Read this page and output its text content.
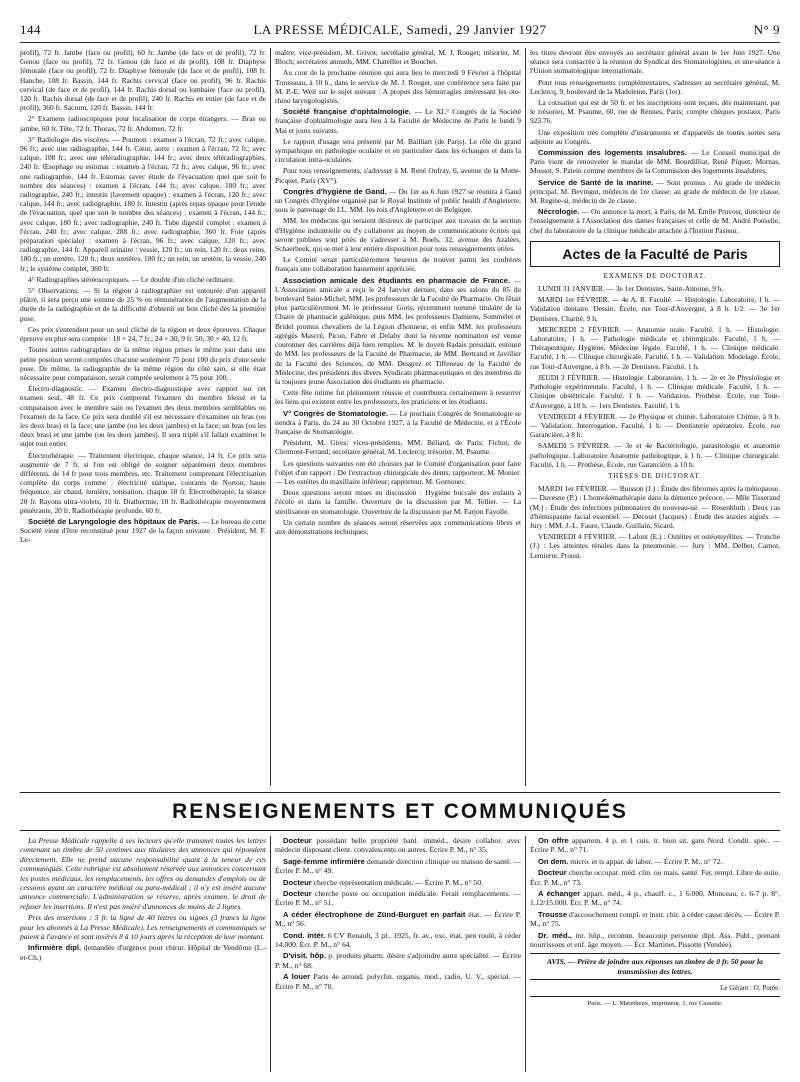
144	LA PRESSE MÉDICALE, Samedi, 29 Janvier 1927	N° 9

profil), 72 fr. Jambe (face ou profil), 60 fr. Jambe (de face et de profil), 72 fr. Genou (face ou profil), 72 fr. Genou (de face et de profil), 108 fr. Diaphyse fémorale (face ou profil), 72 fr. Diaphyse fémorale (de face et de profil), 108 fr. Hanche, 108 fr. Bassin, 144 fr. Rachis cervical (face ou profil), 96 fr. Rachis cervical (de face et de profil), 144 fr. Rachis dorsal ou lombaire (face ou profil), 120 fr. Rachis dorsal (de face et de profil), 240 fr. Rachis en entier (de face et de profil), 360 fr. Sacrum, 120 fr. Bassin, 144 fr.

2° Examens radioscopiques pour localisation de corps étrangers. — Bras ou jambe, 60 fr. Tête, 72 fr. Thorax, 72 fr. Abdomen, 72 fr.

3° Radiologie des viscères. — Poumon : examen à l'écran, 72 fr.; avec calque, 96 fr.; avec une radiographie, 144 fr. Cœur, aorte : examen à l'écran, 72 fr.; avec calque, 108 fr.; avec une téléradiographie, 144 fr.; avec deux téléradiographies, 240 fr. Œsophage ou estomac : examen à l'écran, 72 fr.; avec calque, 96 fr.; avec une radiographie, 144 fr. Estomac (avec étude de l'évacuation quel que soit le nombre des séances) : examen à l'écran, 144 fr.; avec calque, 180 fr.; avec radiographie, 240 fr.; intestin (lavement opaque) : examen à l'écran, 120 fr.; avec calque, 144 fr.; avec radiographie, 180 fr. Intestin (après repas opaque pour l'étude de l'évacuation, quel que soit le nombre des séances) : examen à l'écran, 144 fr.; avec calque, 180 fr.; avec radiographie, 240 fr. Tube digestif complet : examen à l'écran, 240 fr.; avec calque, 288 fr.; avec radiographie, 360 fr. Foie (après préparation spéciale) : examen à l'écran, 96 fr.; avec calque, 120 fr.; avec radiographie, 144 fr. Appareil urinaire : vessie, 120 fr.; un rein, 120 fr.; deux reins, 180 fr.; un uretère, 120 fr.; deux uretères, 180 fr.; un rein, un uretère, la vessie, 240 fr.; le système complet, 360 fr.

4° Radiographies stéréoscopiques. — Le double d'un cliché ordinaire.

5° Observations. — Si la région à radiographier est entourée d'un appareil plâtré, il sera perçu une somme de 25 % en rémunération de l'augmentation de la durée de la radiographie et de la difficulté d'obtenir un bon cliché dès la première pose.

Ces prix s'entendent pour un seul cliché de la région et deux épreuves. Chaque épreuve en plus sera comptée : 18 × 24, 7 fr.; 24 × 30, 9 fr. 50; 30 × 40, 12 fr.

Toutes autres radiographies de la même région prises le même jour dans une petite position seront comptées chacune seulement 75 pour 100 du prix d'une seule pose. De même, la radiographie de la même région du côté sain, si elle était nécessaire pour comparaison, serait comptée seulement à 75 pour 100.

Électro-diagnostic. — Examen électro-diagnostique avec rapport sur cet examen seul, 48 fr. Ce prix comprend l'examen du membre blessé et la comparaison avec le membre sain ou l'examen des deux membres semblables ou l'examen de la face. Ce prix sera doublé s'il est nécessaire d'examiner un bras (ou les deux bras) et la face; une jambe (ou les deux jambes) et la face; un bras (ou les deux bras) et une jambe (ou les deux jambes). Il sera triplé s'il fallait examiner le sujet tout entier.

Électrothérapie. — Traitement électrique, chaque séance, 14 fr. Ce prix sera augmenté de 7 fr. si l'on est obligé de soigner séparément deux membres différents, de 14 fr pour trois membres, etc. Traitement comprenant l'électrisation complète du corps comme : électricité statique, courants de Norton, haute fréquence, air chaud, lumière, ionisation, chaque 18 fr. Électrothérapie, la séance 20 fr. Rayons ultra-violets, 10 fr. Diathermie, 10 fr. Radiothérapie moyennement pénétrante, 20 fr. Radiothérapie profonde, 60 fr.

Société de Laryngologie des hôpitaux de Paris. — Le bureau de cette Société vient d'être reconstitué pour 1927 de la façon suivante : Président, M. F. Le-

maître; vice-président, M. Grivot; secrétaire général, M. J. Rouget; trésorier, M. Bloch; secrétaires annuels, MM. Chatellier et Bouchet.

Au cour de la prochaine réunion qui aura lieu le mercredi 9 Février à l'hôpital Trousseau, à 10 h., dans le service de M. J. Rouget, une conférence sera faite par M. P.-E. Weil sur le sujet suivant : A propos des hémorragies intéressant les oto-rhino laryngologistes.

Société française d'ophtalmologie. — Le XL° Congrès de la Société française d'ophtalmologie aura lieu à la Faculté de Médecine de Paris le lundi 9 Mai et jours suivants.

Le rapport d'usage sera présenté par M. Bailliart (de Paris). Le rôle du grand sympathique en pathologie oculaire et en particulier dans les échanges et dans la circulation intra-oculaires.

Pour tous renseignements, s'adresser à M. René Onfray, 6, avenue de la Motte-Picquet, Paris (XV°).

Congrès d'hygiène de Gand. — Du 1er au 6 Juin 1927 se réunira à Gand un Congrès d'hygiène organisé par le Royal Institute of public health d'Angleterre, sous le patronage de LL. MM. les rois d'Angleterre et de Belgique.

MM. les médecins qui seraient désireux de participer aux travaux de la section d'Hygiène industrielle ou d'y collaborer au moyen de communications écrites qui seront publiées sont priés de s'adresser à M. Boels, 32, avenue des Azalées, Schaerbeek, qui se met à leur entière disposition pour tous renseignements utiles.

Le Comité serait particulièrement heureux de trouver parmi les confrères français une collaboration hautement appréciée.

Association amicale des étudiants en pharmacie de France. — L'Association amicale a reçu le 24 Janvier dernier, dans ses salons du 85 du boulevard Saint-Michel, MM. les professeurs de la Faculté de Pharmacie. On fêtait plus particulièrement M. le professeur Goris, récemment nommé titulaire de la Chaire de pharmacie galénique, puis MM. les professeurs Damiens, Sommelet et Bridel promus chevaliers de la Légion d'honneur, et enfin MM. les professeurs agrégés Mascré, Picon, Fabre et Delaby dont la récente nomination est venue couronner des carrières déjà bien remplies. M. le doyen Radais présidait, entouré de MM. les professeurs de la Faculté de Pharmacie, de MM. Bertrand et Javillier de la Faculté des Sciences, de MM. Desgrez et Tiffeneau de la Faculté de Médecine, des présidents des divers Syndicats pharmaceutiques et des membres de la toujours jeune Association des étudiants en pharmacie.

Cette fête intime fut pleinement réussie et contribuera certainement à resserrer les liens qui existent entre les professeurs, les praticiens et les étudiants.

V° Congrès de Stomatologie. — Le prochain Congrès de Stomatologie se tiendra à Paris, du 24 au 30 Octobre 1927, à la Faculté de Médecine, et à l'École française de Stomatologie.

Président, M. Gires; vices-présidents, MM. Béliard, de Paris; Fichot, de Clermont-Ferrand; secrétaire général, M. Leclercq; trésorier, M. Psaume.

Les questions suivantes ont été choisies par le Comité d'organisation pour faire l'objet d'un rapport : De l'extraction chirurgicale des dents; rapporteur, M. Monier. — Les ostéites du maxillaire inférieur; rapporteur, M. Gornouec.

Deux questions seront mises en discussion : Hygiène buccale des enfants à l'école et dans la famille. Ouverture de la discussion par M. Tellier. — La stérilisation en stomatologie. Ouverture de la discussion par M. Farjon Fayolle.

Un certain nombre de séances seront réservées aux communications libres et aux démonstrations techniques;

les titres devront être envoyés au secrétaire général avant le 1er Juin 1927. Une séance sera consacrée à la réunion du Syndicat des Stomatologistes, et une séance à l'Union stomatologique internationale.

Pour tous renseignements complémentaires, s'adresser au secrétaire général, M. Leclercq, 9, boulevard de la Madeleine, Paris (1er).

La cotisation qui est de 50 fr. et les inscriptions sont reçues, dès maintenant, par le trésorier, M. Psaume, 60, rue de Rennes, Paris; compte chèques postaux, Paris 923.76.

Une exposition très complète d'instruments et d'appareils de toutes sortes sera adjointe au Congrès.

Commission des logements insalubres. — Le Conseil municipal de Paris vient de renouveler le mandat de MM. Bourdilliat, René Piquet, Mornas, Mossot, S. Patein comme membres de la Commission des logements insalubres.

Service de Santé de la marine. — Sont promus : Au grade de médecin principal, M. Bevingut, médecin de 1re classe; au grade de médecin de 1re classe, M. Regine-si, médecin de 2e classe.

Nécrologie. — On annonce la mort, à Paris, de M. Émile Pruvost, directeur de l'enseignement à l'Association des dames françaises et celle de M. André Pouselle, chef du laboratoire de la clinique médicale attachée à l'Institut Pasteur.

Actes de la Faculté de Paris
EXAMENS DE DOCTORAT.

LUNDI 31 JANVIER. — 3e 1er Dentistes. Saint-Antoine, 9 h.

MARDI 1er FÉVRIER. — 4e A. R. Faculté. — Histologie. Laboratoire, 1 h. — Validation dentaire. Dessin. École, rue Tour-d'Auvergne, à 8 h. 1/2. — 3e 1er Dentistes. Charité, 9 h.

MERCREDI 2 FÉVRIER. — Anatomie orale. Faculté, 1 h. — Histologie. Laboratoire, 1 h. — Pathologie médicale et chirurgicale. Faculté, 1 h. — Thérapeutique, Hygiène, Médecine légale. Faculté, 1 h. — Clinique médicale. Faculté, 1 h. — Clinique chirurgicale. Faculté, 1 h. — Validation. Modelage. École, rue Tour-d'Auvergne, à 8 h. — 2e Dentistes. Faculté, 1 h.

JEUDI 3 FÉVRIER. — Histologie. Laboratoire, 1 h. — 2e et 3e Physiologie et Pathologie expérimentale. Faculté, 1 h. — Clinique médicale. Faculté, 1 h. — Clinique obstétricale. Faculté, 1 h. — Validation. Prothèse. École, rue Tour-d'Auvergne, à 10 h. — 1ers Dentistes. Faculté, 1 h.

VENDREDI 4 FÉVRIER. — 2e Physique et chimie. Laboratoire Chimie, à 9 h. — Validation. Interrogation. Faculté, 1 h. — Dentisterie opératoire. École, rue Garancière, à 8 h.

SAMEDI 5 FÉVRIER. — 3e et 4e Bactériologie, parasitologie et anatomie pathologique. Laboratoire Anatomie pathologique, à 1 h. — Clinique chirurgicale. Faculté, 1 h. — Prothèse. École, rue Garancière, à 10 h.

THÈSES DE DOCTORAT.

MARDI 1er FÉVRIER. — Buisson (J.) : Étude des fibromes après la ménopause. — Davesne (P.) : L'homokémathérapie dans la démence précoce. — Mlle Tisserand (M.) : Étude des infections pulmonaires du nouveau-né. — Rosenbluth : Deux cas d'hémispasme facial essentiel. — Decourt (Jacques) : Étude des ataxies aiguës. — Jury : MM. J.-L. Faure, Claude, Guillain, Sicard.

VENDREDI 4 FÉVRIER. — Lafont (E.) : Ostéites et ostéomyélites. — Tronche (J.) : Les atteintes rénales dans la pneumonie. — Jury : MM. Delbet, Carnot, Lemierre, Proust.

RENSEIGNEMENTS ET COMMUNIQUÉS

La Presse Médicale rappelle à ses lecteurs qu'elle transmet toutes les lettres contenant un timbre de 50 centimes aux titulaires des annonces qui répondent directement. Elle ne prend aucune responsabilité quant à la teneur de ces communiqués. Cette rubrique est absolument réservée aux annonces concernant les postes médicaux, les remplacements, les offres ou demandes d'emplois ou de cessions ayant un caractère médical ou para-médical ; il n'y est inséré aucune annonce commerciale. L'administration se réserve, après examen, le droit de refuser les insertions. Il n'est pas inséré d'annonces de moins de 2 lignes.

Prix des insertions : 5 fr. la ligne de 40 lettres ou signes (3 francs la ligne pour les abonnés à La Presse Médicale). Les renseignements et communiqués se paient à l'avance et sont insérés 8 à 10 jours après la réception de leur montant.

Infirmière dipl. demandée d'urgence pour chirur. Hôpital de Vendôme (L.-et-Ch.)

Docteur possédant belle propriété banl. imméd., désire collabor. avec médecin disposant client. convalescents ou autres. Écrire P. M., n° 35.

Sage-femme infirmière demande direction clinique ou maison de santé. — Écrire P. M., n° 49.

Docteur cherche représentation médicale. — Écrire P. M., n° 50.

Docteur cherche poste ou occupation médicale. Ferait remplacements. — Écrire P. M., n° 51.

A céder électrophone de Zünd-Burguet en parfait état. — Écrire P. M., n° 56.

Cond. intér. 6 CV Renault, 3 pl., 1925, fr. av., exc. état, pen roulé, à céder 14.000. Écr. P. M., n° 64.

D'visit. hôp. p. produits pharm. désire s'adjoindre autre spécialité. — Écrire P. M., n° 68.

A louer Paris 4e arrond. polyclin. organis. mod., radio, U. V., spécial. — Écrire P. M., n° 70.

On offre appartem. 4 p. et 1 cuis. tr. bien sit. gare Nord. Condit. spéc. — Écrire P. M., n° 71.

On dem. micro. et ts appar. de labor. — Écrire P. M., n° 72.

Docteur cherche occupat. méd. clin. ou mais. santé. Fer. rempl. Libre de suite. Écr. P. M., n° 73.

A échanger appart. méd., 4 p., chauff. c., 1 6.000, Monceau, c. 6-7 p. 8°, 1.12/15.000. Écr. P. M., n° 74.

Trousse d'accouchement compl. et instr. chir. à céder cause décès. — Écrire P. M., n° 75.

Dr. méd., int. hôp., recomm. beaucoup personne dipl. Ass. Publ., prenant nourrissons et enf. âge moyen. — Écr. Martinet, Pissotte (Vendée).

AVIS. — Prière de joindre aux réponses un timbre de 0 fr. 50 pour la transmission des lettres.
Le Gérant : O. Porée.
Paris. — L. Maretheux, imprimeur, 1, rue Cassette.
